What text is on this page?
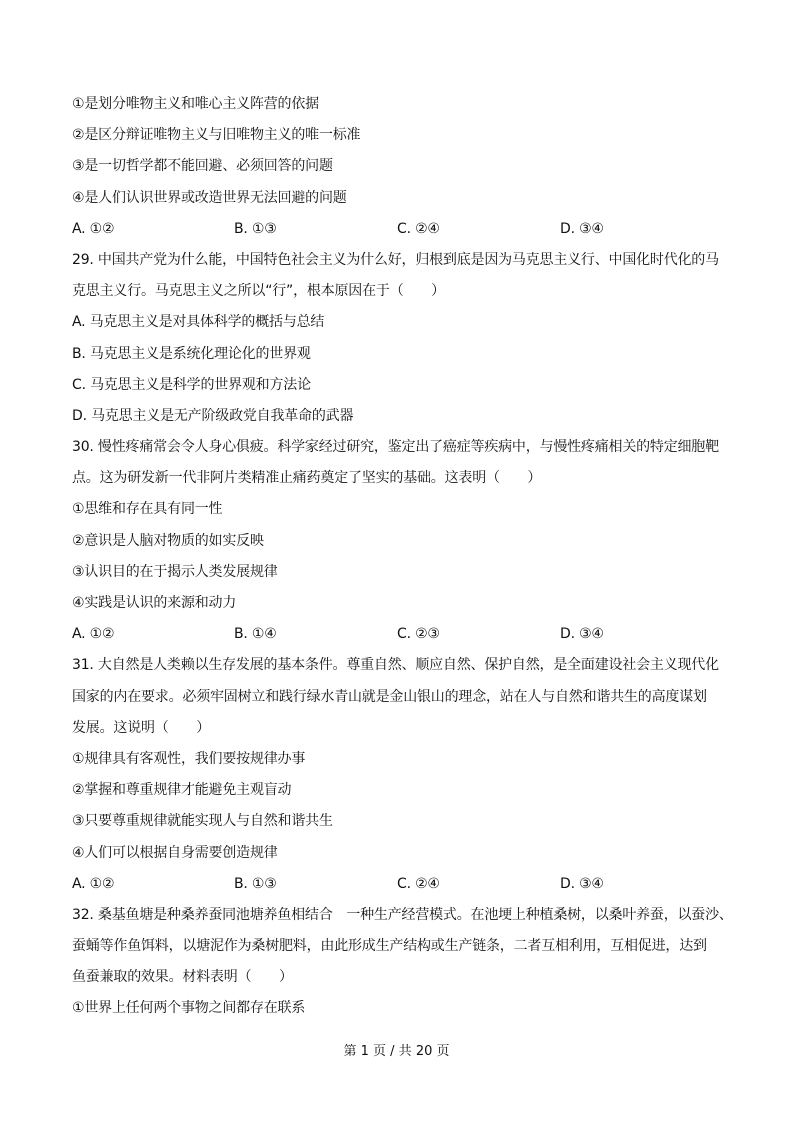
①是划分唯物主义和唯心主义阵营的依据
②是区分辩证唯物主义与旧唯物主义的唯一标准
③是一切哲学都不能回避、必须回答的问题
④是人们认识世界或改造世界无法回避的问题
A. ①②	B. ①③	C. ②④	D. ③④
29. 中国共产党为什么能，中国特色社会主义为什么好，归根到底是因为马克思主义行、中国化时代化的马
克思主义行。马克思主义之所以“行”，根本原因在于（　　）
A. 马克思主义是对具体科学的概括与总结
B. 马克思主义是系统化理论化的世界观
C. 马克思主义是科学的世界观和方法论
D. 马克思主义是无产阶级政党自我革命的武器
30. 慢性疼痛常会令人身心俱疲。科学家经过研究，鉴定出了癌症等疾病中，与慢性疼痛相关的特定细胞靶
点。这为研发新一代非阿片类精准止痛药奠定了坚实的基础。这表明（　　）
①思维和存在具有同一性
②意识是人脑对物质的如实反映
③认识目的在于揭示人类发展规律
④实践是认识的来源和动力
A. ①②	B. ①④	C. ②③	D. ③④
31. 大自然是人类赖以生存发展的基本条件。尊重自然、顺应自然、保护自然，是全面建设社会主义现代化
国家的内在要求。必须牢固树立和践行绿水青山就是金山银山的理念，站在人与自然和谐共生的高度谋划
发展。这说明（　　）
①规律具有客观性，我们要按规律办事
②掌握和尊重规律才能避免主观盲动
③只要尊重规律就能实现人与自然和谐共生
④人们可以根据自身需要创造规律
A. ①②	B. ①③	C. ②④	D. ③④
32. 桑基鱼塘是种桑养蚕同池塘养鱼相结合　一种生产经营模式。在池埂上种植桑树，以桑叶养蚕，以蚕沙、
蚕蛹等作鱼饵料，以塘泥作为桑树肥料，由此形成生产结构或生产链条，二者互相利用，互相促进，达到
鱼蚕兼取的效果。材料表明（　　）
①世界上任何两个事物之间都存在联系
第 1 页 / 共 20 页
